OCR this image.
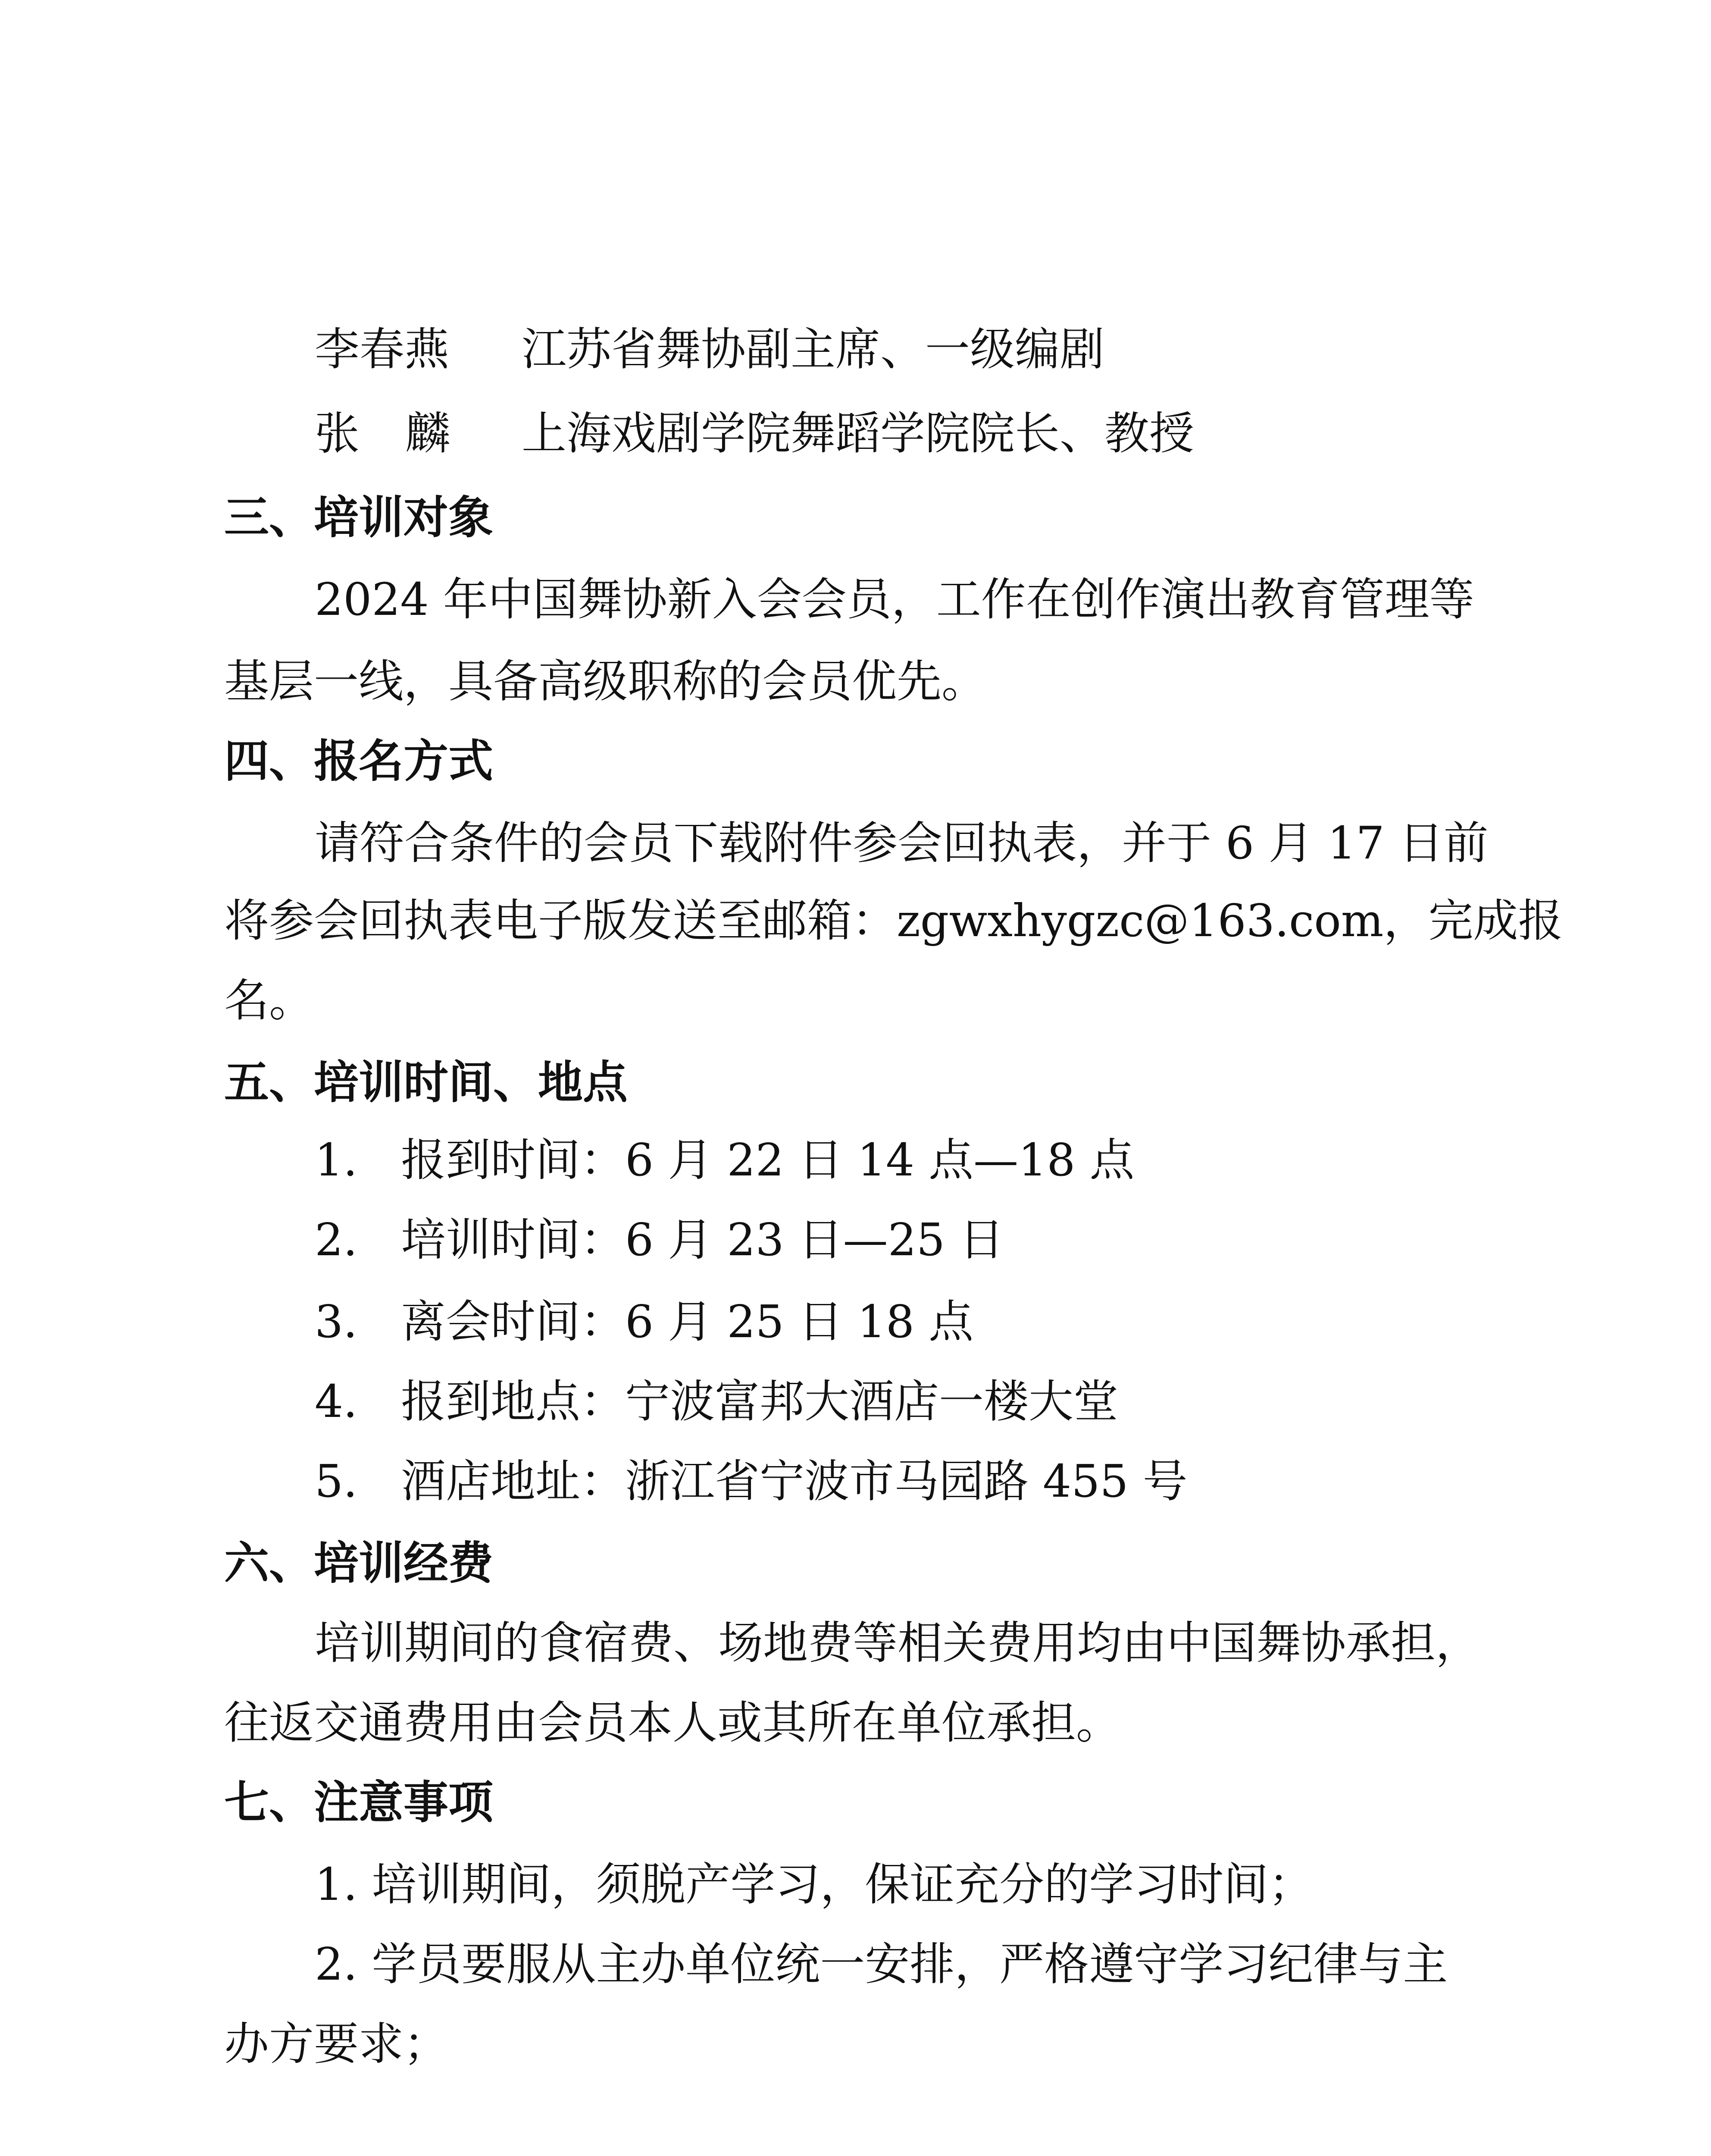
李春燕 江苏省舞协副主席、一级编剧
张 麟 上海戏剧学院舞蹈学院院长、教授
三、培训对象
2024 年中国舞协新入会会员，工作在创作演出教育管理等
基层一线，具备高级职称的会员优先。
四、报名方式
请符合条件的会员下载附件参会回执表，并于 6 月 17 日前
将参会回执表电子版发送至邮箱：zgwxhygzc@163.com，完成报
名。
五、培训时间、地点
1. 报到时间：6 月 22 日 14 点—18 点
2. 培训时间：6 月 23 日—25 日
3. 离会时间：6 月 25 日 18 点
4. 报到地点：宁波富邦大酒店一楼大堂
5. 酒店地址：浙江省宁波市马园路 455 号
六、培训经费
培训期间的食宿费、场地费等相关费用均由中国舞协承担，
往返交通费用由会员本人或其所在单位承担。
七、注意事项
1. 培训期间，须脱产学习，保证充分的学习时间；
2. 学员要服从主办单位统一安排，严格遵守学习纪律与主
办方要求；
